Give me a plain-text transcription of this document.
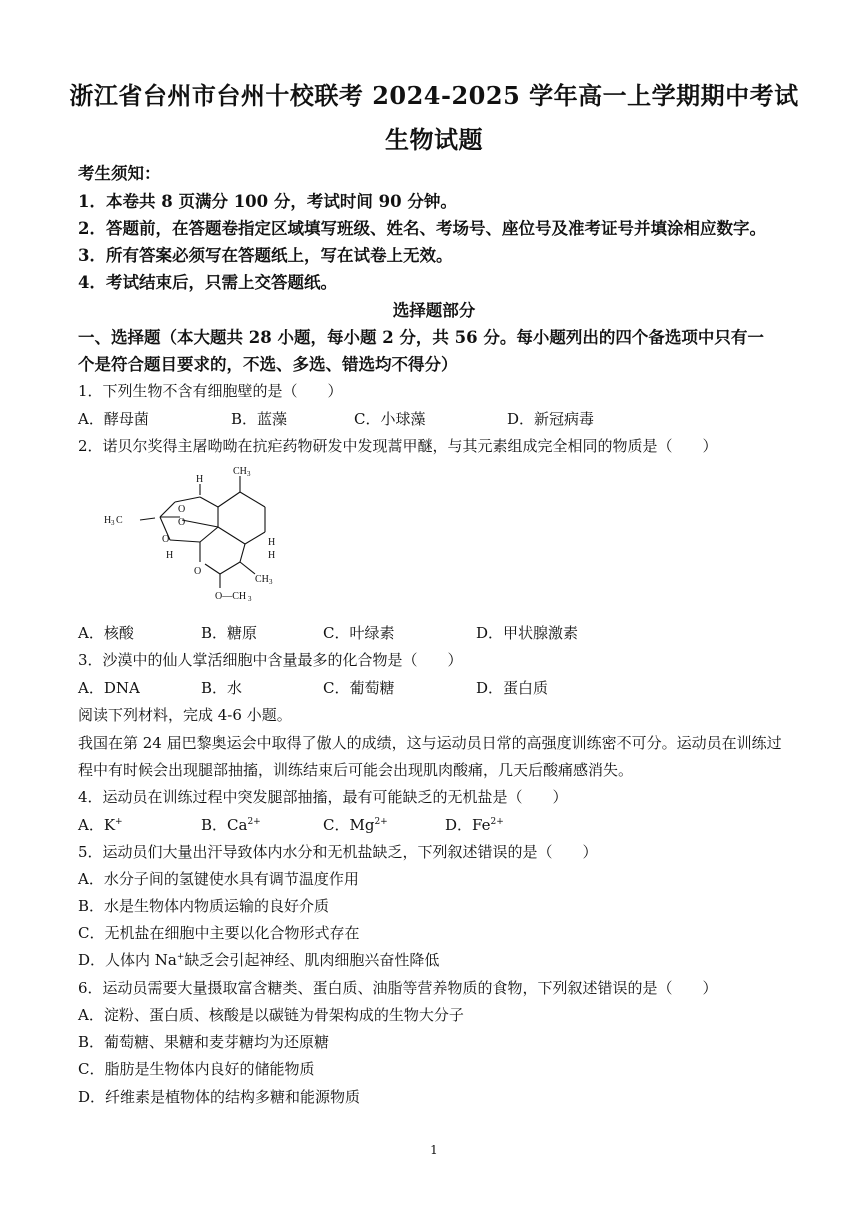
浙江省台州市台州十校联考 2024-2025 学年高一上学期期中考试
生物试题
考生须知：
1．本卷共 8 页满分 100 分，考试时间 90 分钟。
2．答题前，在答题卷指定区域填写班级、姓名、考场号、座位号及准考证号并填涂相应数字。
3．所有答案必须写在答题纸上，写在试卷上无效。
4．考试结束后，只需上交答题纸。
选择题部分
一、选择题（本大题共 28 小题，每小题 2 分，共 56 分。每小题列出的四个备选项中只有一
个是符合题目要求的，不选、多选、错选均不得分）
1．下列生物不含有细胞壁的是（　　）
A．酵母菌	B．蓝藻	C．小球藻	D．新冠病毒
2．诺贝尔奖得主屠呦呦在抗疟药物研发中发现蒿甲醚，与其元素组成完全相同的物质是（　　）
CH 3
H 3 C
H
O
O
O	H
H
H
CH 3
O
O—CH 3
A．核酸	B．糖原	C．叶绿素	D．甲状腺激素
3．沙漠中的仙人掌活细胞中含量最多的化合物是（　　）
A．DNA	B．水	C．葡萄糖	D．蛋白质
阅读下列材料，完成 4-6 小题。
我国在第 24 届巴黎奥运会中取得了傲人的成绩，这与运动员日常的高强度训练密不可分。运动员在训练过
程中有时候会出现腿部抽搐，训练结束后可能会出现肌肉酸痛，几天后酸痛感消失。
4．运动员在训练过程中突发腿部抽搐，最有可能缺乏的无机盐是（　　）
A．K+	B．$Ca^{2+}$	C．$Mg^{2+}$	D．$Fe^{2+}$
5．运动员们大量出汗导致体内水分和无机盐缺乏，下列叙述错误的是（　　）
A．水分子间的氢键使水具有调节温度作用
B．水是生物体内物质运输的良好介质
C．无机盐在细胞中主要以化合物形式存在
D．人体内 Na+缺乏会引起神经、肌肉细胞兴奋性降低
6．运动员需要大量摄取富含糖类、蛋白质、油脂等营养物质的食物，下列叙述错误的是（　　）
A．淀粉、蛋白质、核酸是以碳链为骨架构成的生物大分子
B．葡萄糖、果糖和麦芽糖均为还原糖
C．脂肪是生物体内良好的储能物质
D．纤维素是植物体的结构多糖和能源物质
1
